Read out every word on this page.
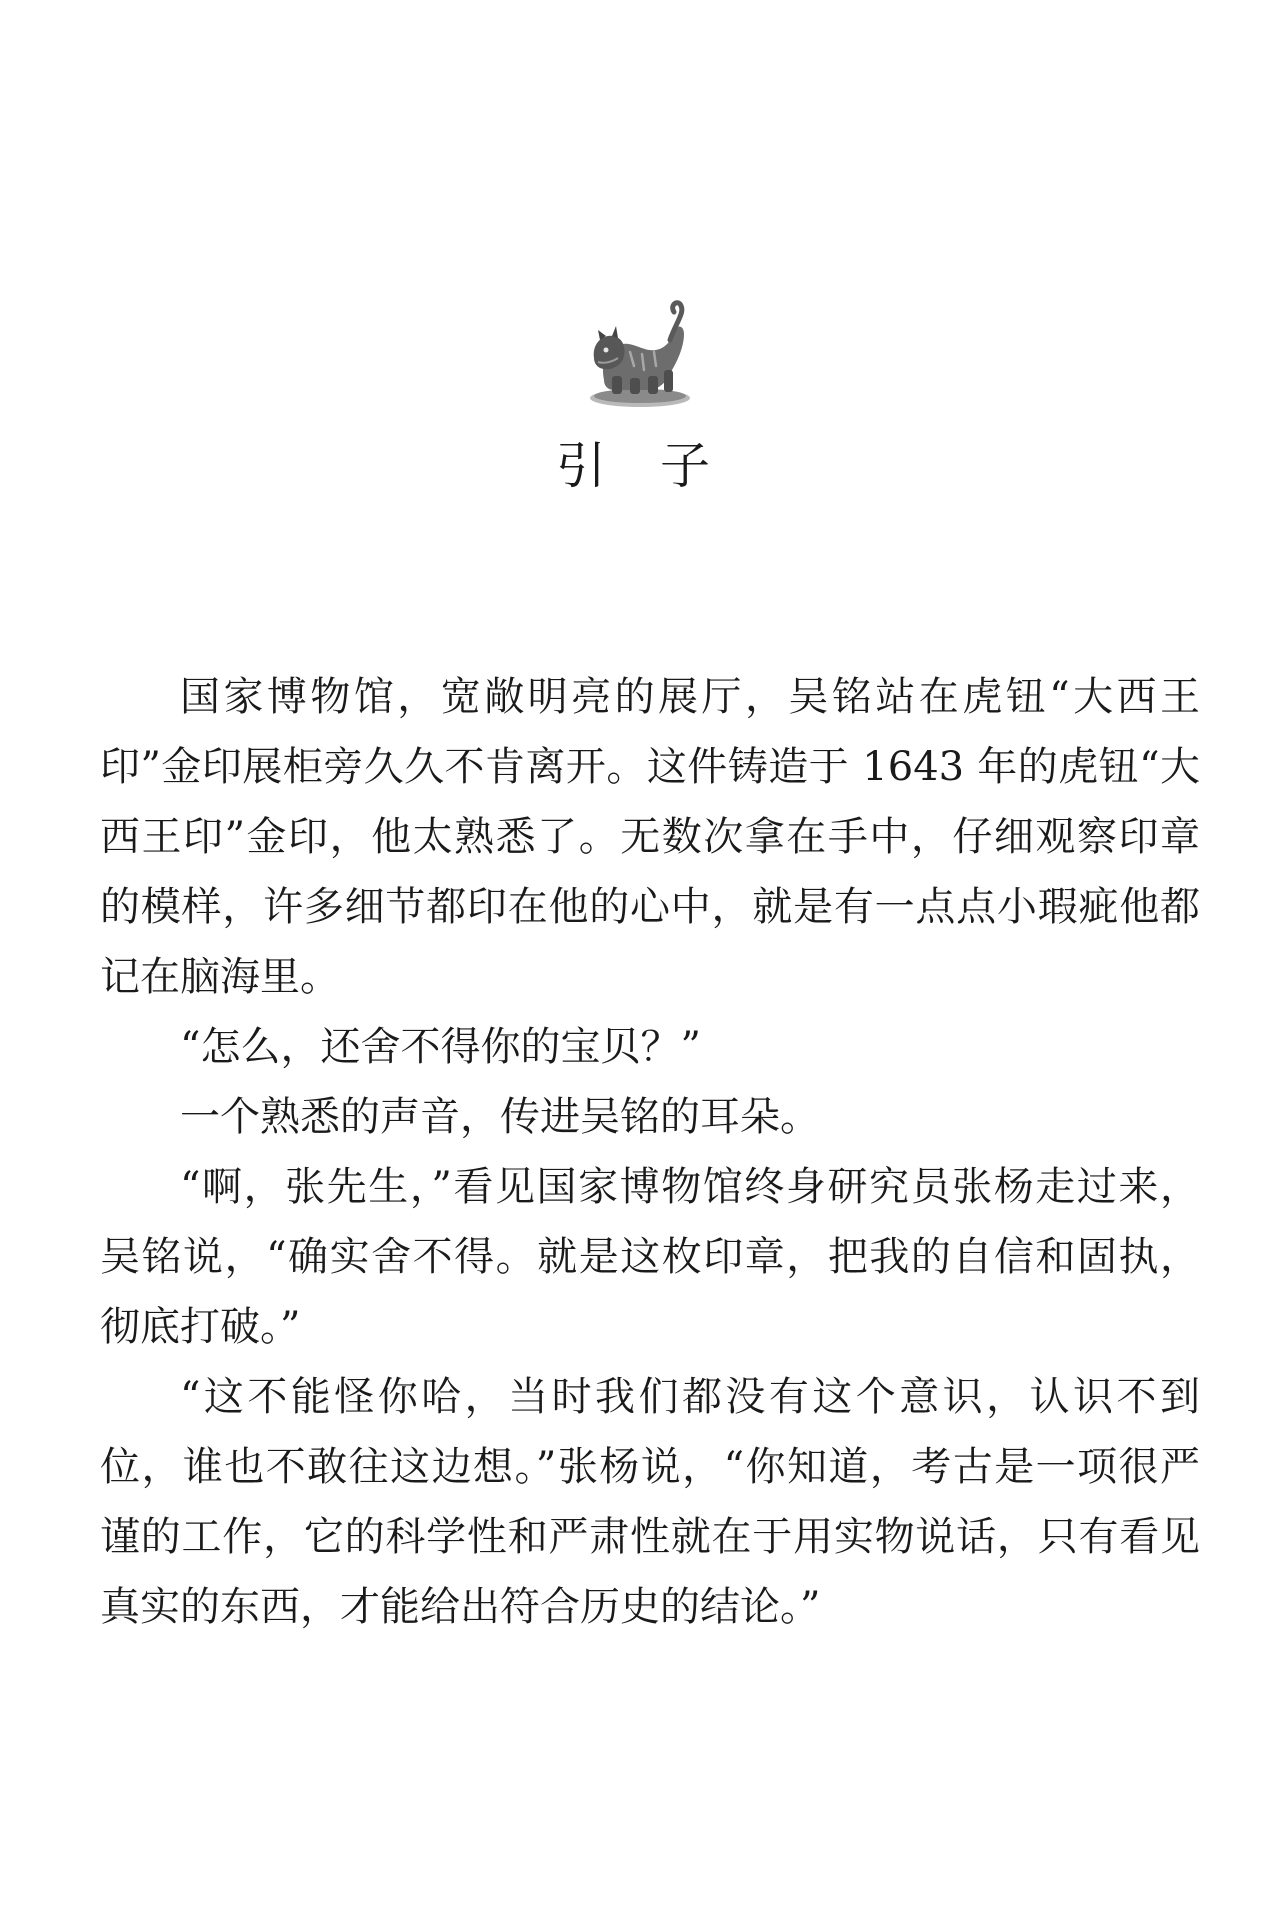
引　子

国家博物馆，宽敞明亮的展厅，吴铭站在虎钮“大西王印”金印展柜旁久久不肯离开。这件铸造于 1643 年的虎钮“大西王印”金印，他太熟悉了。无数次拿在手中，仔细观察印章的模样，许多细节都印在他的心中，就是有一点点小瑕疵他都记在脑海里。

“怎么，还舍不得你的宝贝？”

一个熟悉的声音，传进吴铭的耳朵。

“啊，张先生，”看见国家博物馆终身研究员张杨走过来，吴铭说，“确实舍不得。就是这枚印章，把我的自信和固执，彻底打破。”

“这不能怪你哈，当时我们都没有这个意识，认识不到位，谁也不敢往这边想。”张杨说，“你知道，考古是一项很严谨的工作，它的科学性和严肃性就在于用实物说话，只有看见真实的东西，才能给出符合历史的结论。”
